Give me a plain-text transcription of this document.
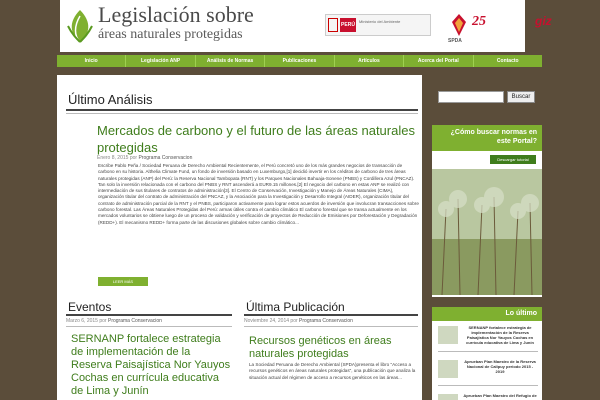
Legislación sobre
áreas naturales protegidas
PERÚ
Ministerio del Ambiente
SPDA
25	giz
Inicio	Legislación ANP	Análisis de Normas	Publicaciones	Artículos	Acerca del Portal	Contacto
Último Análisis
Mercados de carbono y el futuro de las áreas naturales protegidas
Enero 8, 2015 por Programa Conservacion
Escribe Pablo Peña / Sociedad Peruana de Derecho Ambiental Recientemente, el Perú concretó uno de los más grandes negocios de transacción de carbono en su historia. Althelia Climate Fund, un fondo de inversión basado en Luxemburgo,[1] decidió invertir en los créditos de carbono de tres áreas naturales protegidas (ANP) del Perú: la Reserva Nacional Tambopata (RNT) y los Parques Nacionales Bahuaja-Sonene (PNBS) y Cordillera Azul (PNCAZ). Tan solo la inversión relacionada con el carbono del PNBS y RNT ascenderá a EUR9.15 millones.[2] El negocio del carbono en estas ANP se realizó con intermediación de sus titulares de contratos de administración[3]. El Centro de Conservación, Investigación y Manejo de Áreas Naturales (CIMA), organización titular del contrato de administración del PNCAZ, y la Asociación para la Investigación y Desarrollo Integral (AIDER), organización titular del contrato de administración parcial de la RNT y el PNBS, participaron activamente para lograr estos acuerdos de inversión que involucran transacciones sobre carbono forestal. Las Áreas Naturales Protegidas del Perú: armas útiles contra el cambio climático El carbono forestal que se transa actualmente en los mercados voluntarios se obtiene luego de un proceso de validación y verificación de proyectos de Reducción de Emisiones por Deforestación y Degradación (REDD+). El mecanismo REDD+ forma parte de las discusiones globales sobre cambio climático...
LEER MÁS
Eventos
Marzo 6, 2015 por Programa Conservacion
SERNANP fortalece estrategia de implementación de la Reserva Paisajística Nor Yauyos Cochas en currícula educativa de Lima y Junín
Última Publicación
Noviembre 24, 2014 por Programa Conservacion
Recursos genéticos en áreas naturales protegidas
La Sociedad Peruana de Derecho Ambiental (SPDA)presenta el libro "Acceso a recursos genéticos en áreas naturales protegidas", una publicación que analiza la situación actual del régimen de acceso a recursos genéticos en las áreas...
Buscar
¿Cómo buscar normas en este Portal?
Descargar tutorial
Lo último
SERNANP fortalece estrategia de implementación de la Reserva Paisajística Nor Yauyos Cochas en currícula educativa de Lima y Junín
Aprueban Plan Maestro de la Reserva Nacional de Calipuy periodo 2015 - 2019
Aprueban Plan Maestro del Refugio de
